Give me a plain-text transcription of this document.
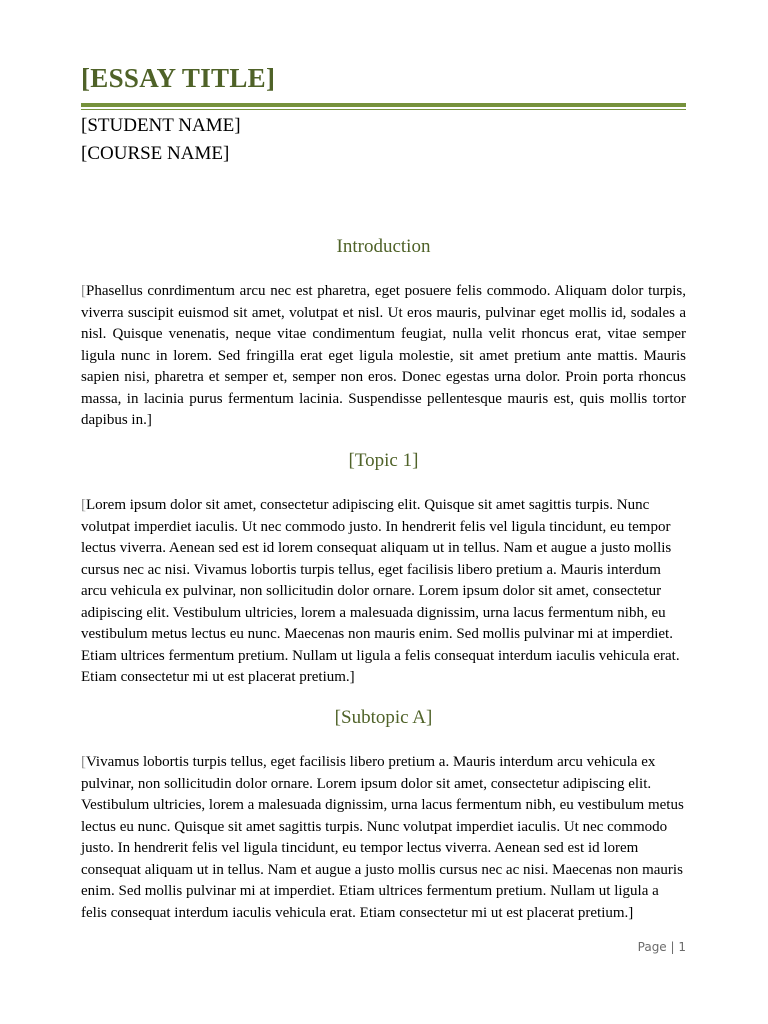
[ESSAY TITLE]
[STUDENT NAME]
[COURSE NAME]
Introduction

[Phasellus conrdimentum arcu nec est pharetra, eget posuere felis commodo. Aliquam dolor turpis, viverra suscipit euismod sit amet, volutpat et nisl. Ut eros mauris, pulvinar eget mollis id, sodales a nisl. Quisque venenatis, neque vitae condimentum feugiat, nulla velit rhoncus erat, vitae semper ligula nunc in lorem. Sed fringilla erat eget ligula molestie, sit amet pretium ante mattis. Mauris sapien nisi, pharetra et semper et, semper non eros. Donec egestas urna dolor. Proin porta rhoncus massa, in lacinia purus fermentum lacinia. Suspendisse pellentesque mauris est, quis mollis tortor dapibus in.]

[Topic 1]

[Lorem ipsum dolor sit amet, consectetur adipiscing elit. Quisque sit amet sagittis turpis. Nunc volutpat imperdiet iaculis. Ut nec commodo justo. In hendrerit felis vel ligula tincidunt, eu tempor lectus viverra. Aenean sed est id lorem consequat aliquam ut in tellus. Nam et augue a justo mollis cursus nec ac nisi. Vivamus lobortis turpis tellus, eget facilisis libero pretium a. Mauris interdum arcu vehicula ex pulvinar, non sollicitudin dolor ornare. Lorem ipsum dolor sit amet, consectetur adipiscing elit. Vestibulum ultricies, lorem a malesuada dignissim, urna lacus fermentum nibh, eu vestibulum metus lectus eu nunc. Maecenas non mauris enim. Sed mollis pulvinar mi at imperdiet. Etiam ultrices fermentum pretium. Nullam ut ligula a felis consequat interdum iaculis vehicula erat. Etiam consectetur mi ut est placerat pretium.]

[Subtopic A]

[Vivamus lobortis turpis tellus, eget facilisis libero pretium a. Mauris interdum arcu vehicula ex pulvinar, non sollicitudin dolor ornare. Lorem ipsum dolor sit amet, consectetur adipiscing elit. Vestibulum ultricies, lorem a malesuada dignissim, urna lacus fermentum nibh, eu vestibulum metus lectus eu nunc. Quisque sit amet sagittis turpis. Nunc volutpat imperdiet iaculis. Ut nec commodo justo. In hendrerit felis vel ligula tincidunt, eu tempor lectus viverra. Aenean sed est id lorem consequat aliquam ut in tellus. Nam et augue a justo mollis cursus nec ac nisi. Maecenas non mauris enim. Sed mollis pulvinar mi at imperdiet. Etiam ultrices fermentum pretium. Nullam ut ligula a felis consequat interdum iaculis vehicula erat. Etiam consectetur mi ut est placerat pretium.]

Page | 1
